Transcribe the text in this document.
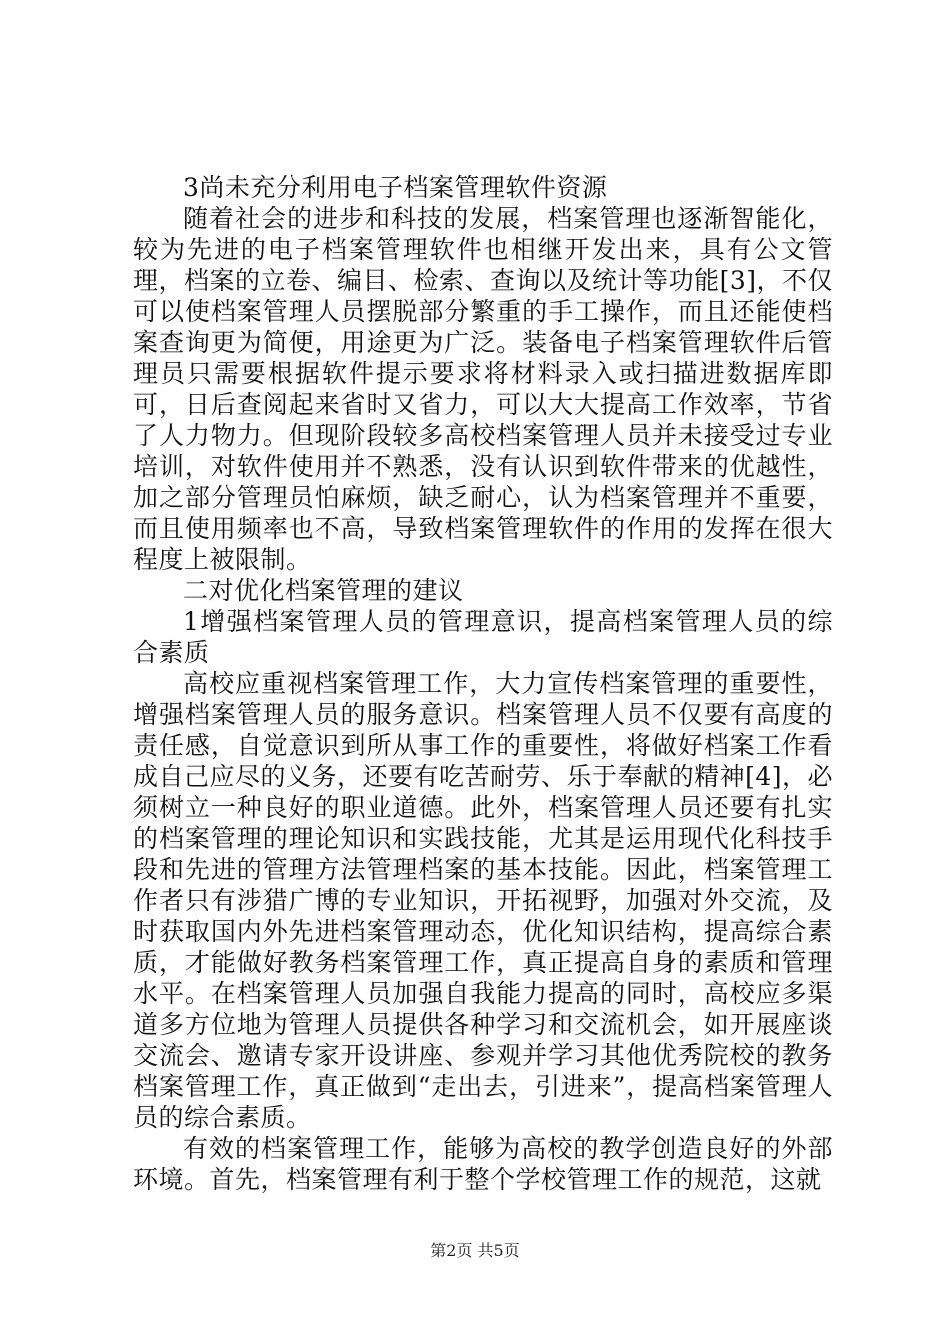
3尚未充分利用电子档案管理软件资源

随着社会的进步和科技的发展，档案管理也逐渐智能化，较为先进的电子档案管理软件也相继开发出来，具有公文管理，档案的立卷、编目、检索、查询以及统计等功能[3]，不仅可以使档案管理人员摆脱部分繁重的手工操作，而且还能使档案查询更为简便，用途更为广泛。装备电子档案管理软件后管理员只需要根据软件提示要求将材料录入或扫描进数据库即可，日后查阅起来省时又省力，可以大大提高工作效率，节省了人力物力。但现阶段较多高校档案管理人员并未接受过专业培训，对软件使用并不熟悉，没有认识到软件带来的优越性，加之部分管理员怕麻烦，缺乏耐心，认为档案管理并不重要，而且使用频率也不高，导致档案管理软件的作用的发挥在很大程度上被限制。

二对优化档案管理的建议

1增强档案管理人员的管理意识，提高档案管理人员的综合素质

高校应重视档案管理工作，大力宣传档案管理的重要性，增强档案管理人员的服务意识。档案管理人员不仅要有高度的责任感，自觉意识到所从事工作的重要性，将做好档案工作看成自己应尽的义务，还要有吃苦耐劳、乐于奉献的精神[4]，必须树立一种良好的职业道德。此外，档案管理人员还要有扎实的档案管理的理论知识和实践技能，尤其是运用现代化科技手段和先进的管理方法管理档案的基本技能。因此，档案管理工作者只有涉猎广博的专业知识，开拓视野，加强对外交流，及时获取国内外先进档案管理动态，优化知识结构，提高综合素质，才能做好教务档案管理工作，真正提高自身的素质和管理水平。在档案管理人员加强自我能力提高的同时，高校应多渠道多方位地为管理人员提供各种学习和交流机会，如开展座谈交流会、邀请专家开设讲座、参观并学习其他优秀院校的教务档案管理工作，真正做到“走出去，引进来”，提高档案管理人员的综合素质。

有效的档案管理工作，能够为高校的教学创造良好的外部环境。首先，档案管理有利于整个学校管理工作的规范，这就

第2页 共5页
